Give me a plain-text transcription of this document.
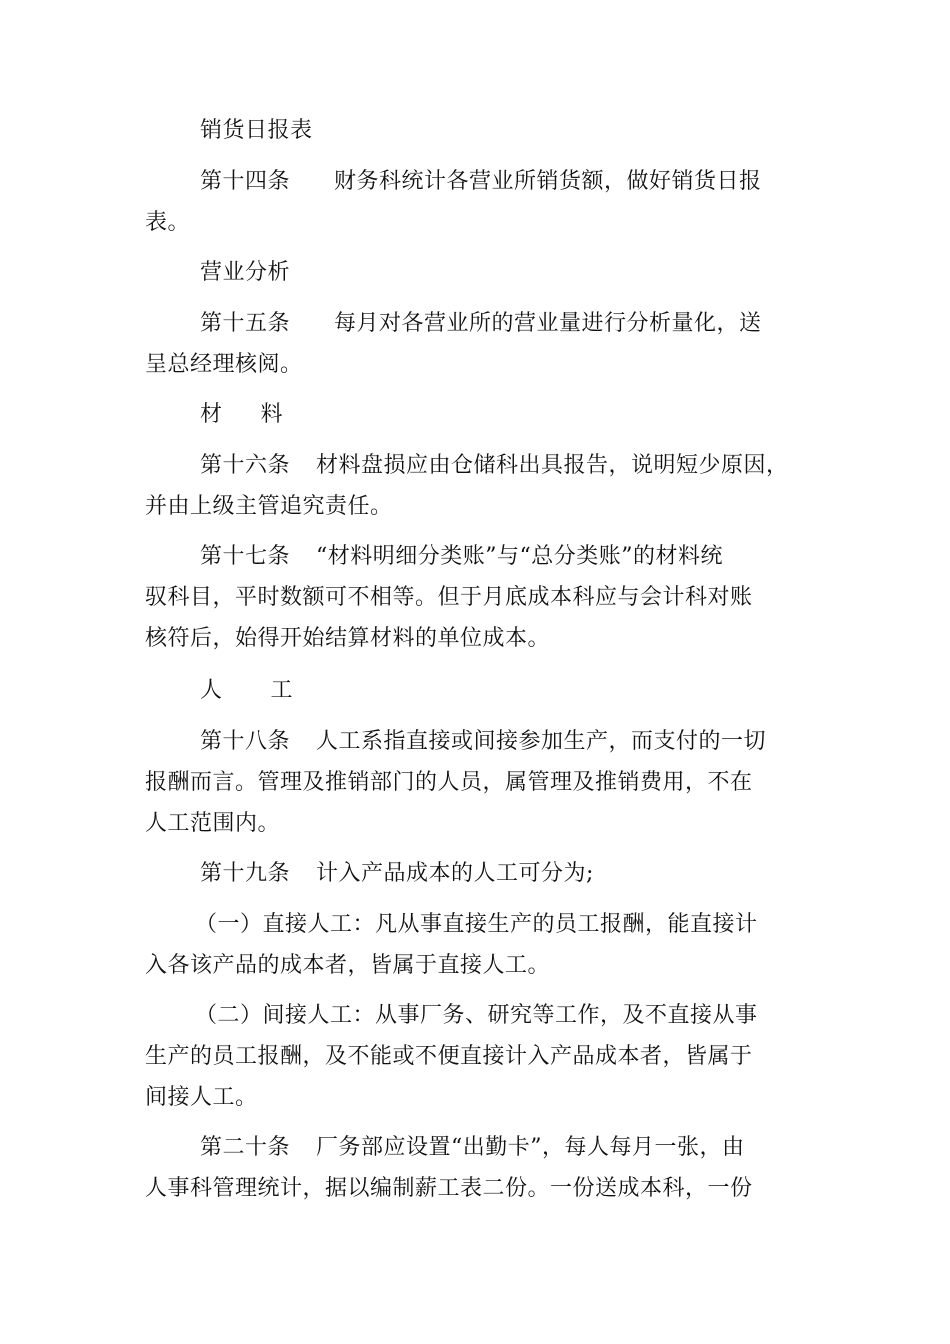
销货日报表
第十四条 财务科统计各营业所销货额，做好销货日报
表。
营业分析
第十五条 每月对各营业所的营业量进行分析量化，送
呈总经理核阅。
材 料
第十六条 材料盘损应由仓储科出具报告，说明短少原因，
并由上级主管追究责任。
第十七条 “材料明细分类账”与“总分类账”的材料统
驭科目，平时数额可不相等。但于月底成本科应与会计科对账
核符后，始得开始结算材料的单位成本。
人 工
第十八条 人工系指直接或间接参加生产，而支付的一切
报酬而言。管理及推销部门的人员，属管理及推销费用，不在
人工范围内。
第十九条 计入产品成本的人工可分为;
（一）直接人工：凡从事直接生产的员工报酬，能直接计
入各该产品的成本者，皆属于直接人工。
（二）间接人工：从事厂务、研究等工作，及不直接从事
生产的员工报酬，及不能或不便直接计入产品成本者，皆属于
间接人工。
第二十条 厂务部应设置“出勤卡”，每人每月一张，由
人事科管理统计，据以编制薪工表二份。一份送成本科，一份
